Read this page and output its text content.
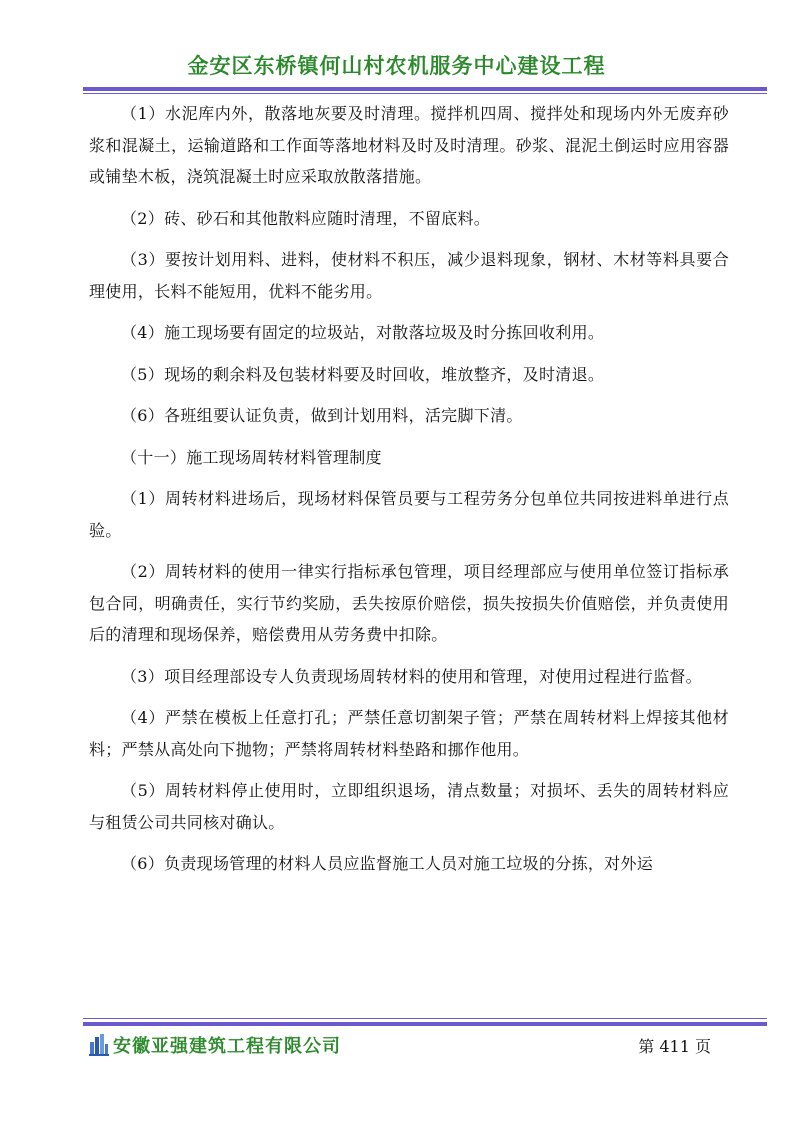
金安区东桥镇何山村农机服务中心建设工程

（1）水泥库内外，散落地灰要及时清理。搅拌机四周、搅拌处和现场内外无废弃砂浆和混凝土，运输道路和工作面等落地材料及时及时清理。砂浆、混泥土倒运时应用容器或铺垫木板，浇筑混凝土时应采取放散落措施。

（2）砖、砂石和其他散料应随时清理，不留底料。

（3）要按计划用料、进料，使材料不积压，减少退料现象，钢材、木材等料具要合理使用，长料不能短用，优料不能劣用。

（4）施工现场要有固定的垃圾站，对散落垃圾及时分拣回收利用。

（5）现场的剩余料及包装材料要及时回收，堆放整齐，及时清退。

（6）各班组要认证负责，做到计划用料，活完脚下清。

（十一）施工现场周转材料管理制度

（1）周转材料进场后，现场材料保管员要与工程劳务分包单位共同按进料单进行点验。

（2）周转材料的使用一律实行指标承包管理，项目经理部应与使用单位签订指标承包合同，明确责任，实行节约奖励，丢失按原价赔偿，损失按损失价值赔偿，并负责使用后的清理和现场保养，赔偿费用从劳务费中扣除。

（3）项目经理部设专人负责现场周转材料的使用和管理，对使用过程进行监督。

（4）严禁在模板上任意打孔；严禁任意切割架子管；严禁在周转材料上焊接其他材料；严禁从高处向下抛物；严禁将周转材料垫路和挪作他用。

（5）周转材料停止使用时，立即组织退场，清点数量；对损坏、丢失的周转材料应与租赁公司共同核对确认。

（6）负责现场管理的材料人员应监督施工人员对施工垃圾的分拣，对外运

安徽亚强建筑工程有限公司	第 411 页
